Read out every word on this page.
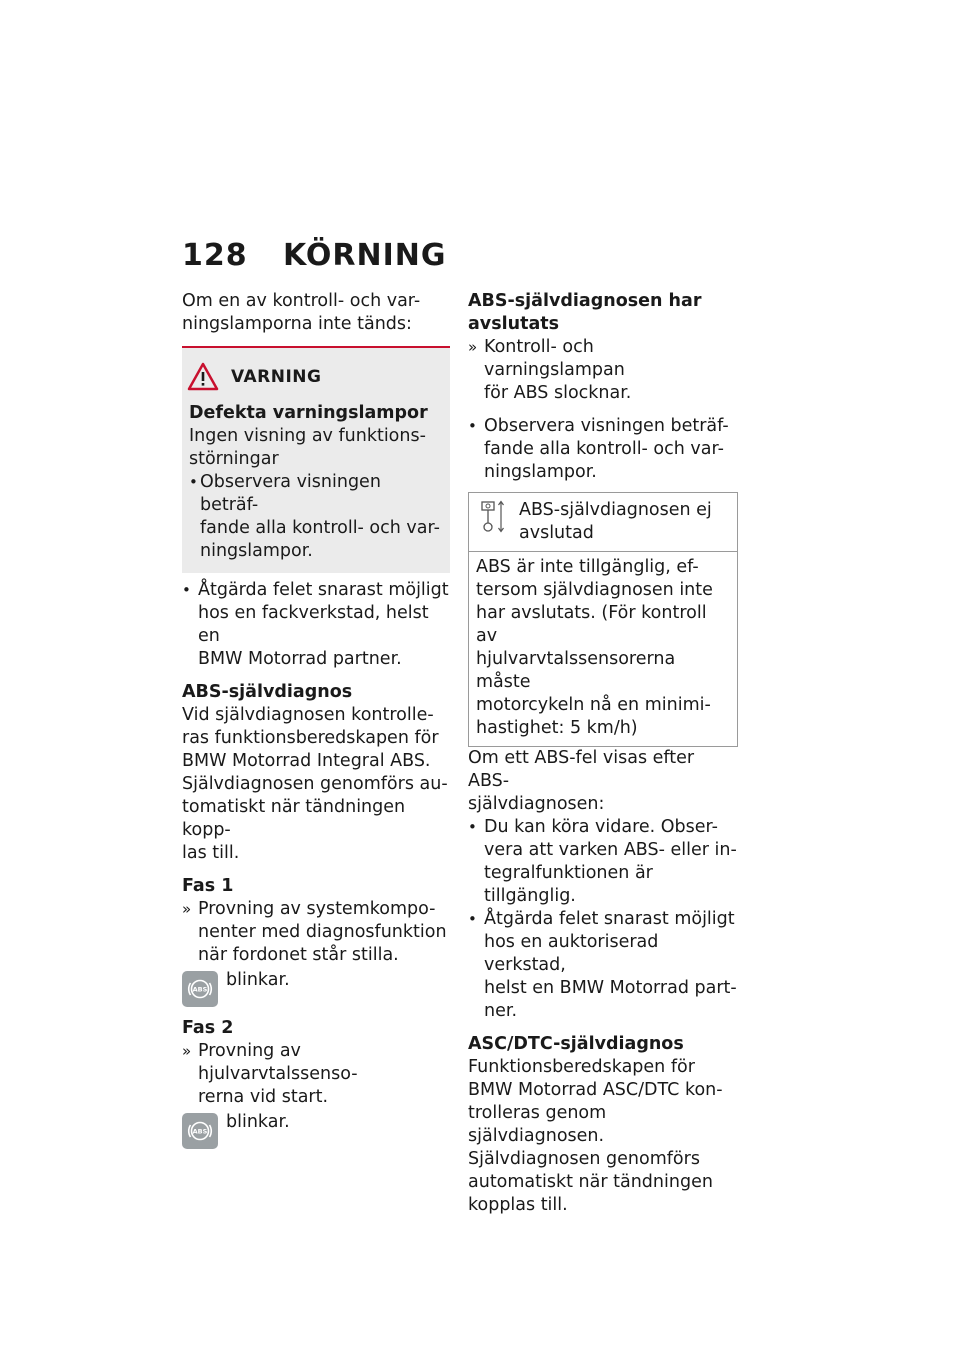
128 KÖRNING

Om en av kontroll- och var-
ningslamporna inte tänds:

VARNING

Defekta varningslampor

Ingen visning av funktions-
störningar

• Observera visningen beträf-
fande alla kontroll- och var-
ningslampor.
• Åtgärda felet snarast möjligt
hos en fackverkstad, helst en
BMW Motorrad partner.

ABS-självdiagnos

Vid självdiagnosen kontrolle-
ras funktionsberedskapen för
BMW Motorrad Integral ABS.
Självdiagnosen genomförs au-
tomatiskt när tändningen kopp-
las till.

Fas 1

» Provning av systemkompo-
nenter med diagnosfunktion
när fordonet står stilla.
ABS blinkar.

Fas 2

» Provning av hjulvarvtalssenso-
rerna vid start.
ABS blinkar.

ABS-självdiagnosen har
avslutats

» Kontroll- och varningslampan
för ABS slocknar.
• Observera visningen beträf-
fande alla kontroll- och var-
ningslampor.
ABS-självdiagnosen ej
avslutad
ABS är inte tillgänglig, ef-
tersom självdiagnosen inte
har avslutats. (För kontroll av
hjulvarvtalssensorerna måste
motorcykeln nå en minimi-
hastighet: 5 km/h)

Om ett ABS-fel visas efter ABS-
självdiagnosen:

• Du kan köra vidare. Obser-
vera att varken ABS- eller in-
tegralfunktionen är tillgänglig.
• Åtgärda felet snarast möjligt
hos en auktoriserad verkstad,
helst en BMW Motorrad part-
ner.

ASC/DTC-självdiagnos

Funktionsberedskapen för
BMW Motorrad ASC/DTC kon-
trolleras genom självdiagnosen.
Självdiagnosen genomförs
automatiskt när tändningen
kopplas till.
